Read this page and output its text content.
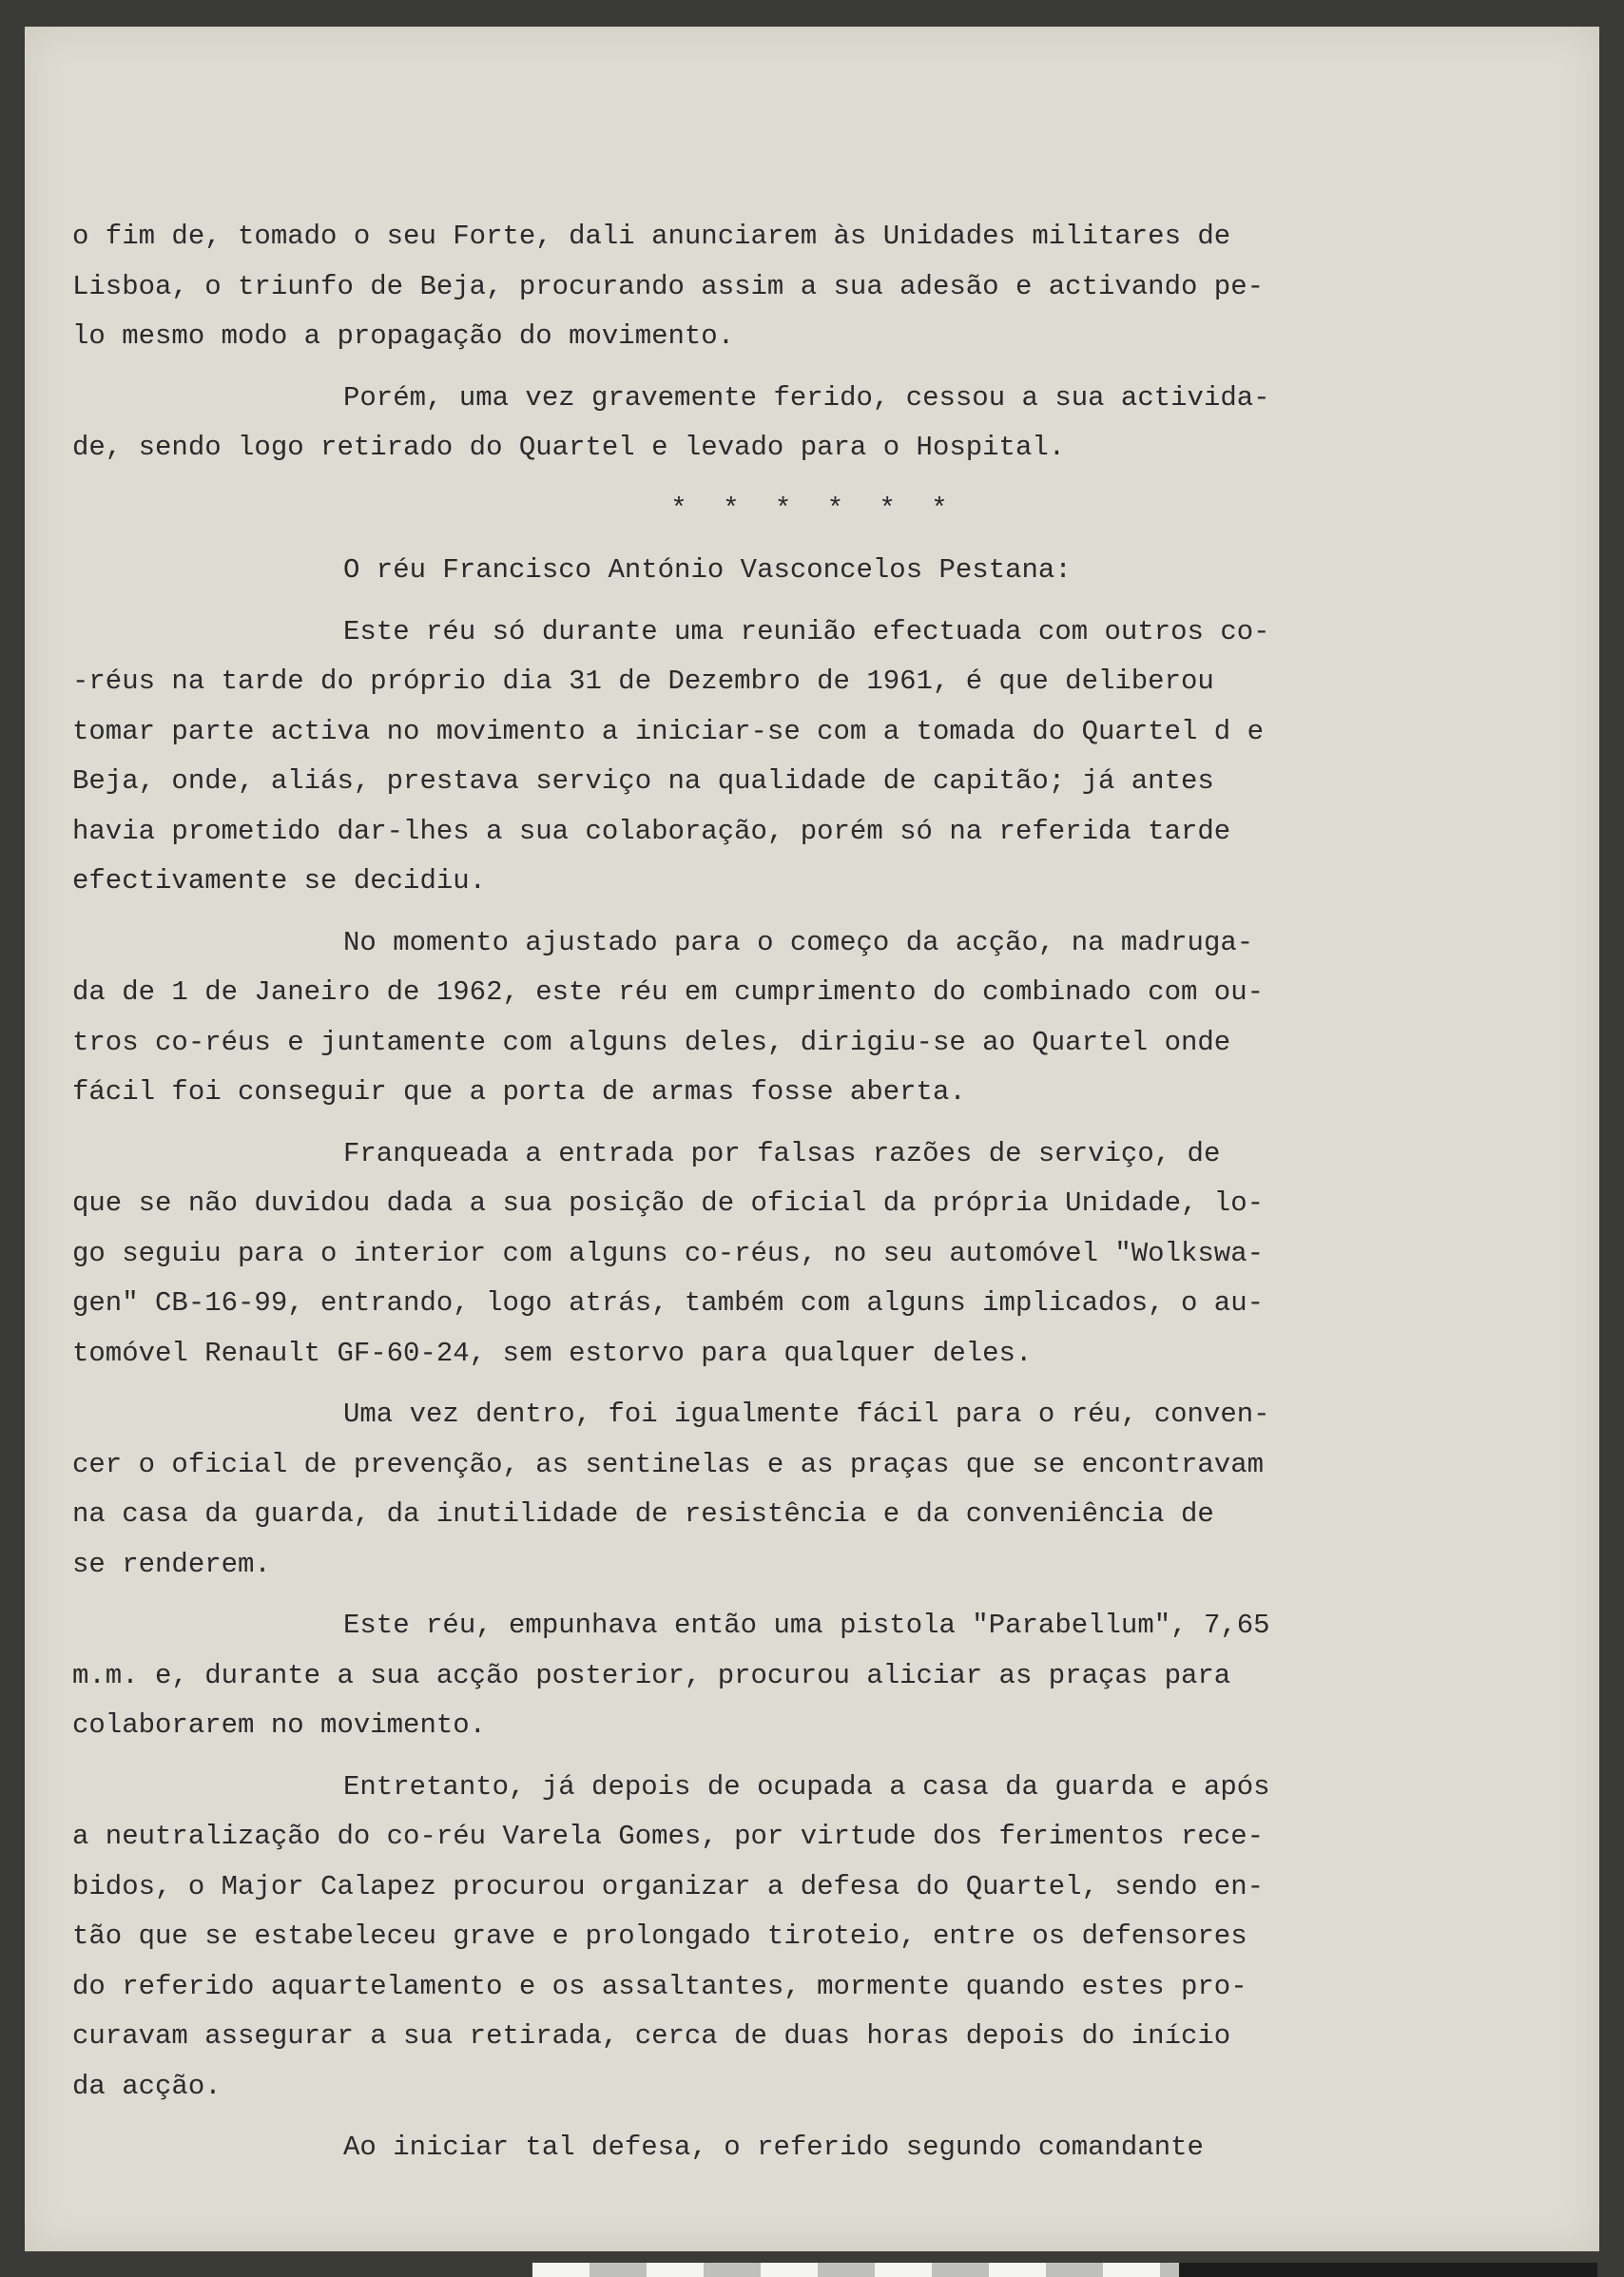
o fim de, tomado o seu Forte, dali anunciarem às Unidades militares de
Lisboa, o triunfo de Beja, procurando assim a sua adesão e activando pe-
lo mesmo modo a propagação do movimento.
Porém, uma vez gravemente ferido, cessou a sua activida-
de, sendo logo retirado do Quartel e levado para o Hospital.
* * * * * *
O réu Francisco António Vasconcelos Pestana:
Este réu só durante uma reunião efectuada com outros co-
-réus na tarde do próprio dia 31 de Dezembro de 1961, é que deliberou
tomar parte activa no movimento a iniciar-se com a tomada do Quartel d e
Beja, onde, aliás, prestava serviço na qualidade de capitão; já antes
havia prometido dar-lhes a sua colaboração, porém só na referida tarde
efectivamente se decidiu.
No momento ajustado para o começo da acção, na madruga-
da de 1 de Janeiro de 1962, este réu em cumprimento do combinado com ou-
tros co-réus e juntamente com alguns deles, dirigiu-se ao Quartel onde
fácil foi conseguir que a porta de armas fosse aberta.
Franqueada a entrada por falsas razões de serviço, de
que se não duvidou dada a sua posição de oficial da própria Unidade, lo-
go seguiu para o interior com alguns co-réus, no seu automóvel "Wolkswa-
gen" CB-16-99, entrando, logo atrás, também com alguns implicados, o au-
tomóvel Renault GF-60-24, sem estorvo para qualquer deles.
Uma vez dentro, foi igualmente fácil para o réu, conven-
cer o oficial de prevenção, as sentinelas e as praças que se encontravam
na casa da guarda, da inutilidade de resistência e da conveniência de
se renderem.
Este réu, empunhava então uma pistola "Parabellum", 7,65
m.m. e, durante a sua acção posterior, procurou aliciar as praças para
colaborarem no movimento.
Entretanto, já depois de ocupada a casa da guarda e após
a neutralização do co-réu Varela Gomes, por virtude dos ferimentos rece-
bidos, o Major Calapez procurou organizar a defesa do Quartel, sendo en-
tão que se estabeleceu grave e prolongado tiroteio, entre os defensores
do referido aquartelamento e os assaltantes, mormente quando estes pro-
curavam assegurar a sua retirada, cerca de duas horas depois do início
da acção.
Ao iniciar tal defesa, o referido segundo comandante
